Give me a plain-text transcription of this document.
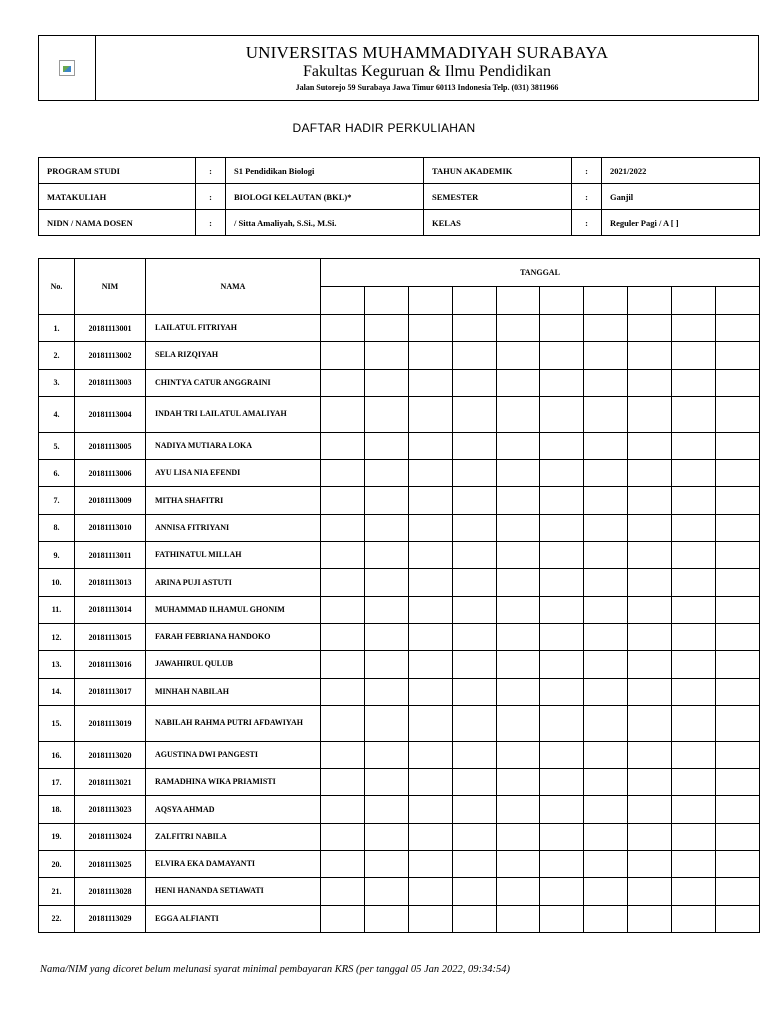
UNIVERSITAS MUHAMMADIYAH SURABAYA
Fakultas Keguruan & Ilmu Pendidikan
Jalan Sutorejo 59 Surabaya Jawa Timur 60113 Indonesia Telp. (031) 3811966
DAFTAR HADIR PERKULIAHAN
PROGRAM STUDI	:	S1 Pendidikan Biologi	TAHUN AKADEMIK	:	2021/2022
MATAKULIAH	:	BIOLOGI KELAUTAN (BKL)*	SEMESTER	:	Ganjil
NIDN / NAMA DOSEN	:	/ Sitta Amaliyah, S.Si., M.Si.	KELAS	:	Reguler Pagi / A [ ]
No.	NIM	NAMA	TANGGAL									

1.	20181113001	LAILATUL FITRIYAH										
2.	20181113002	SELA RIZQIYAH										
3.	20181113003	CHINTYA CATUR ANGGRAINI										
4.	20181113004	INDAH TRI LAILATUL AMALIYAH										
5.	20181113005	NADIYA MUTIARA LOKA										
6.	20181113006	AYU LISA NIA EFENDI										
7.	20181113009	MITHA SHAFITRI										
8.	20181113010	ANNISA FITRIYANI										
9.	20181113011	FATHINATUL MILLAH										
10.	20181113013	ARINA PUJI ASTUTI										
11.	20181113014	MUHAMMAD ILHAMUL GHONIM										
12.	20181113015	FARAH FEBRIANA HANDOKO										
13.	20181113016	JAWAHIRUL QULUB										
14.	20181113017	MINHAH NABILAH										
15.	20181113019	NABILAH RAHMA PUTRI AFDAWIYAH										
16.	20181113020	AGUSTINA DWI PANGESTI										
17.	20181113021	RAMADHINA WIKA PRIAMISTI										
18.	20181113023	AQSYA AHMAD										
19.	20181113024	ZALFITRI NABILA										
20.	20181113025	ELVIRA EKA DAMAYANTI										
21.	20181113028	HENI HANANDA SETIAWATI										
22.	20181113029	EGGA ALFIANTI										
Nama/NIM yang dicoret belum melunasi syarat minimal pembayaran KRS (per tanggal 05 Jan 2022, 09:34:54)
